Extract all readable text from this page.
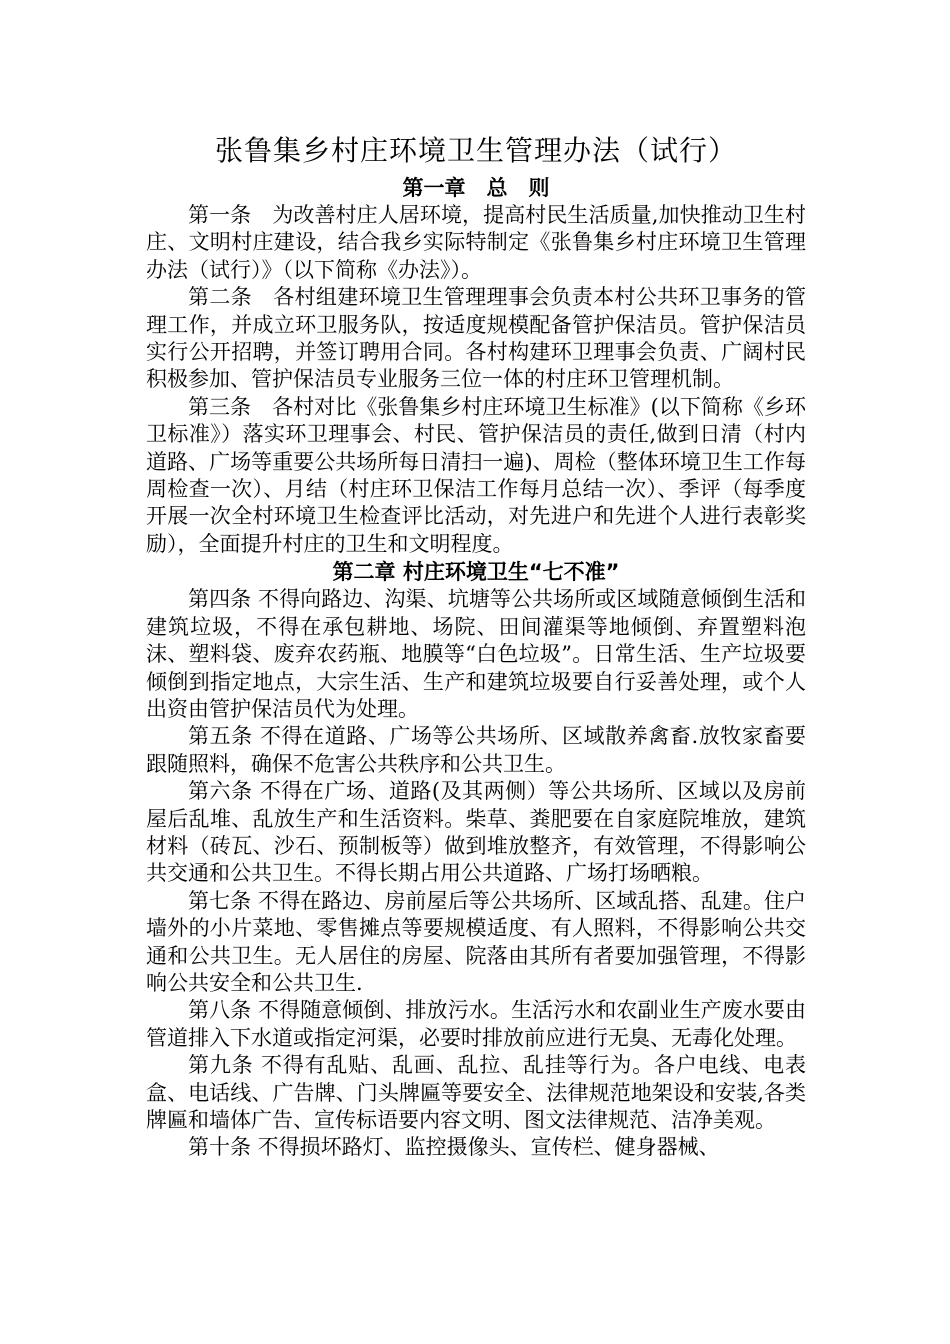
张鲁集乡村庄环境卫生管理办法（试行）
第一章　总　则

第一条　为改善村庄人居环境，提高村民生活质量,加快推动卫生村庄、文明村庄建设，结合我乡实际特制定《张鲁集乡村庄环境卫生管理办法（试行）》（以下简称《办法》）。

第二条　各村组建环境卫生管理理事会负责本村公共环卫事务的管理工作，并成立环卫服务队，按适度规模配备管护保洁员。管护保洁员实行公开招聘，并签订聘用合同。各村构建环卫理事会负责、广阔村民积极参加、管护保洁员专业服务三位一体的村庄环卫管理机制。

第三条　各村对比《张鲁集乡村庄环境卫生标准》(以下简称《乡环卫标准》）落实环卫理事会、村民、管护保洁员的责任,做到日清（村内道路、广场等重要公共场所每日清扫一遍)、周检（整体环境卫生工作每周检查一次）、月结（村庄环卫保洁工作每月总结一次）、季评（每季度开展一次全村环境卫生检查评比活动，对先进户和先进个人进行表彰奖励），全面提升村庄的卫生和文明程度。

第二章 村庄环境卫生“七不准”

第四条 不得向路边、沟渠、坑塘等公共场所或区域随意倾倒生活和建筑垃圾，不得在承包耕地、场院、田间灌渠等地倾倒、弃置塑料泡沫、塑料袋、废弃农药瓶、地膜等“白色垃圾”。日常生活、生产垃圾要倾倒到指定地点，大宗生活、生产和建筑垃圾要自行妥善处理，或个人出资由管护保洁员代为处理。

第五条 不得在道路、广场等公共场所、区域散养禽畜.放牧家畜要跟随照料，确保不危害公共秩序和公共卫生。

第六条 不得在广场、道路(及其两侧）等公共场所、区域以及房前屋后乱堆、乱放生产和生活资料。柴草、粪肥要在自家庭院堆放，建筑材料（砖瓦、沙石、预制板等）做到堆放整齐，有效管理，不得影响公共交通和公共卫生。不得长期占用公共道路、广场打场晒粮。

第七条 不得在路边、房前屋后等公共场所、区域乱搭、乱建。住户墙外的小片菜地、零售摊点等要规模适度、有人照料，不得影响公共交通和公共卫生。无人居住的房屋、院落由其所有者要加强管理，不得影响公共安全和公共卫生.

第八条 不得随意倾倒、排放污水。生活污水和农副业生产废水要由管道排入下水道或指定河渠，必要时排放前应进行无臭、无毒化处理。

第九条 不得有乱贴、乱画、乱拉、乱挂等行为。各户电线、电表盒、电话线、广告牌、门头牌匾等要安全、法律规范地架设和安装,各类牌匾和墙体广告、宣传标语要内容文明、图文法律规范、洁净美观。

第十条 不得损坏路灯、监控摄像头、宣传栏、健身器械、
